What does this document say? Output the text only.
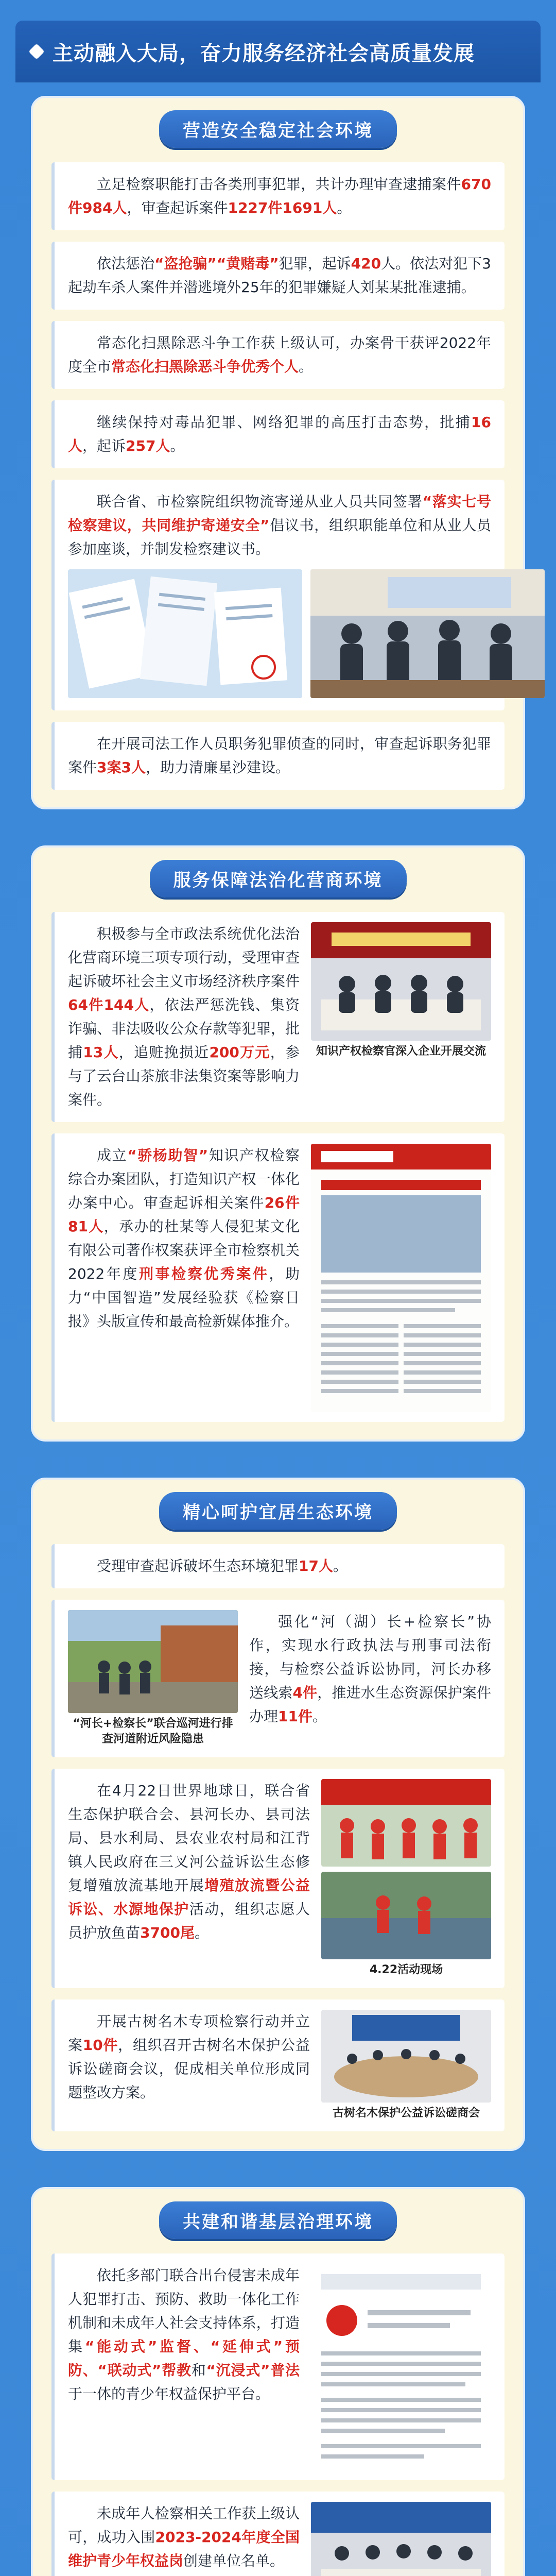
主动融入大局，奋力服务经济社会高质量发展
营造安全稳定社会环境
立足检察职能打击各类刑事犯罪，共计办理审查逮捕案件670件984人，审查起诉案件1227件1691人。
依法惩治“盗抢骗”“黄赌毒”犯罪，起诉420人。依法对犯下3起劫车杀人案件并潜逃境外25年的犯罪嫌疑人刘某某批准逮捕。
常态化扫黑除恶斗争工作获上级认可，办案骨干获评2022年度全市常态化扫黑除恶斗争优秀个人。
继续保持对毒品犯罪、网络犯罪的高压打击态势，批捕16人，起诉257人。
联合省、市检察院组织物流寄递从业人员共同签署“落实七号检察建议，共同维护寄递安全”倡议书，组织职能单位和从业人员参加座谈，并制发检察建议书。
在开展司法工作人员职务犯罪侦查的同时，审查起诉职务犯罪案件3案3人，助力清廉星沙建设。
服务保障法治化营商环境
积极参与全市政法系统优化法治化营商环境三项专项行动，受理审查起诉破坏社会主义市场经济秩序案件64件144人，依法严惩洗钱、集资诈骗、非法吸收公众存款等犯罪，批捕13人，追赃挽损近200万元，参与了云台山茶旅非法集资案等影响力案件。
知识产权检察官深入企业开展交流
成立“骄杨助智”知识产权检察综合办案团队，打造知识产权一体化办案中心。审查起诉相关案件26件81人，承办的杜某等人侵犯某文化有限公司著作权案获评全市检察机关2022年度刑事检察优秀案件，助力“中国智造”发展经验获《检察日报》头版宣传和最高检新媒体推介。
精心呵护宜居生态环境
受理审查起诉破坏生态环境犯罪17人。
“河长+检察长”联合巡河进行排查河道附近风险隐患
强化“河（湖）长+检察长”协作，实现水行政执法与刑事司法衔接，与检察公益诉讼协同，河长办移送线索4件，推进水生态资源保护案件办理11件。
在4月22日世界地球日，联合省生态保护联合会、县河长办、县司法局、县水利局、县农业农村局和江背镇人民政府在三叉河公益诉讼生态修复增殖放流基地开展增殖放流暨公益诉讼、水源地保护活动，组织志愿人员护放鱼苗3700尾。
4.22活动现场
开展古树名木专项检察行动并立案10件，组织召开古树名木保护公益诉讼磋商会议，促成相关单位形成同题整改方案。
古树名木保护公益诉讼磋商会
共建和谐基层治理环境
依托多部门联合出台侵害未成年人犯罪打击、预防、救助一体化工作机制和未成年人社会支持体系，打造集“能动式”监督、“延伸式”预防、“联动式”帮教和“沉浸式”普法于一体的青少年权益保护平台。
未成年人检察相关工作获上级认可，成功入围2023-2024年度全国维护青少年权益岗创建单位名单。
